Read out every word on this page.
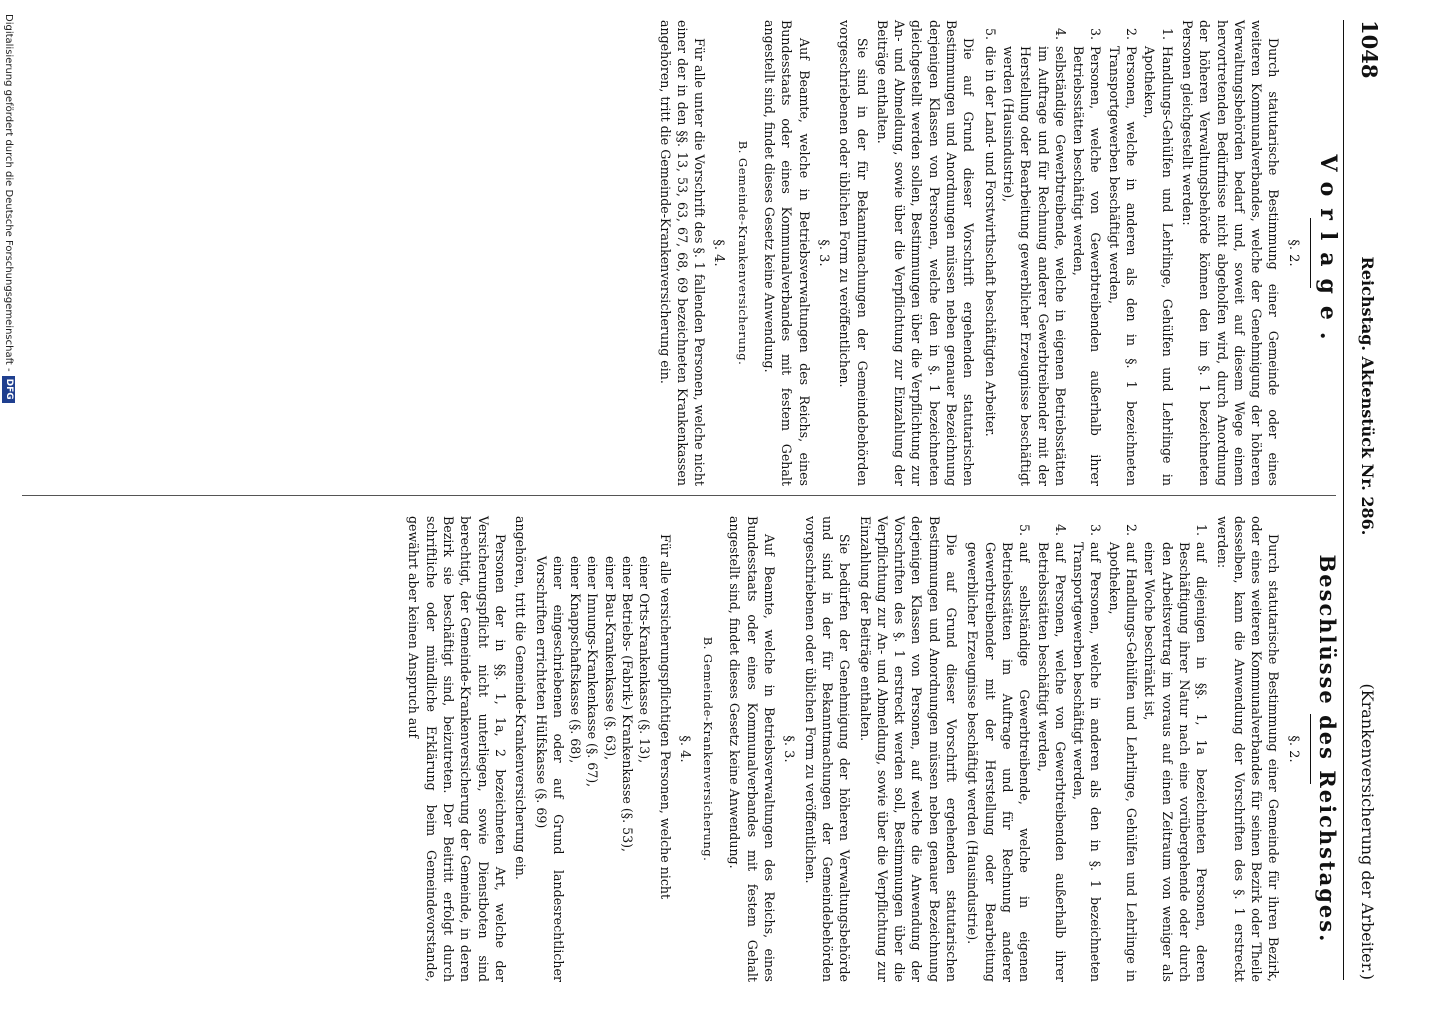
1048
Reichstag. Aktenstück Nr. 286.
(Krankenversicherung der Arbeiter.)
Vorlage.
§. 2.

Durch statutarische Bestimmung einer Gemeinde oder eines weiteren Kommunalverbandes, welche der Genehmigung der höheren Verwaltungsbehörden bedarf und, soweit auf diesem Wege einem hervortretenden Bedürfnisse nicht abgeholfen wird, durch Anordnung der höheren Verwaltungsbehörde können den im §. 1 bezeichneten Personen gleichgestellt werden:

1.
Handlungs-Gehülfen und Lehrlinge, Gehülfen und Lehrlinge in Apotheken,
2.
Personen, welche in anderen als den in §. 1 bezeichneten Transportgewerben beschäftigt werden,
3.
Personen, welche von Gewerbtreibenden außerhalb ihrer Betriebsstätten beschäftigt werden,
4.
selbständige Gewerbtreibende, welche in eigenen Betriebsstätten im Auftrage und für Rechnung anderer Gewerbtreibender mit der Herstellung oder Bearbeitung gewerblicher Erzeugnisse beschäftigt werden (Hausindustrie),
5.
die in der Land- und Forstwirthschaft beschäftigten Arbeiter.

Die auf Grund dieser Vorschrift ergehenden statutarischen Bestimmungen und Anordnungen müssen neben genauer Bezeichnung derjenigen Klassen von Personen, welche den in §. 1 bezeichneten gleichgestellt werden sollen, Bestimmungen über die Verpflichtung zur An- und Abmeldung, sowie über die Verpflichtung zur Einzahlung der Beiträge enthalten.

Sie sind in der für Bekanntmachungen der Gemeindebehörden vorgeschriebenen oder üblichen Form zu veröffentlichen.

§. 3.

Auf Beamte, welche in Betriebsverwaltungen des Reichs, eines Bundesstaats oder eines Kommunalverbandes mit festem Gehalt angestellt sind, findet dieses Gesetz keine Anwendung.

B. Gemeinde-Krankenversicherung.
§. 4.

Für alle unter die Vorschrift des §. 1 fallenden Personen, welche nicht einer der in den §§. 13, 53, 63, 67, 68, 69 bezeichneten Krankenkassen angehören, tritt die Gemeinde-Krankenversicherung ein.

Beschlüsse des Reichstages.
§. 2.

Durch statutarische Bestimmung einer Gemeinde für ihren Bezirk, oder eines weiteren Kommunalverbandes für seinen Bezirk oder Theile desselben, kann die Anwendung der Vorschriften des §. 1 erstreckt werden:

1.
auf diejenigen in §§. 1, 1a bezeichneten Personen, deren Beschäftigung ihrer Natur nach eine vorübergehende oder durch den Arbeitsvertrag im voraus auf einen Zeitraum von weniger als einer Woche beschränkt ist,
2.
auf Handlungs-Gehülfen und Lehrlinge, Gehülfen und Lehrlinge in Apotheken,
3.
auf Personen, welche in anderen als den in §. 1 bezeichneten Transportgewerben beschäftigt werden,
4.
auf Personen, welche von Gewerbtreibenden außerhalb ihrer Betriebsstätten beschäftigt werden,
5.
auf selbständige Gewerbtreibende, welche in eigenen Betriebsstätten im Auftrage und für Rechnung anderer Gewerbtreibender mit der Herstellung oder Bearbeitung gewerblicher Erzeugnisse beschäftigt werden (Hausindustrie).

Die auf Grund dieser Vorschrift ergehenden statutarischen Bestimmungen und Anordnungen müssen neben genauer Bezeichnung derjenigen Klassen von Personen, auf welche die Anwendung der Vorschriften des §. 1 erstreckt werden soll, Bestimmungen über die Verpflichtung zur An- und Abmeldung, sowie über die Verpflichtung zur Einzahlung der Beiträge enthalten.

Sie bedürfen der Genehmigung der höheren Verwaltungsbehörde und sind in der für Bekanntmachungen der Gemeindebehörden vorgeschriebenen oder üblichen Form zu veröffentlichen.

§. 3.

Auf Beamte, welche in Betriebsverwaltungen des Reichs, eines Bundesstaats oder eines Kommunalverbandes mit festem Gehalt angestellt sind, findet dieses Gesetz keine Anwendung.

B. Gemeinde-Krankenversicherung.
§. 4.

Für alle versicherungspflichtigen Personen, welche nicht

einer Orts-Krankenkasse (§. 13),
einer Betriebs- (Fabrik-) Krankenkasse (§. 53),
einer Bau-Krankenkasse (§. 63),
einer Innungs-Krankenkasse (§. 67),
einer Knappschaftskasse (§. 68),
einer eingeschriebenen oder auf Grund landesrechtlicher Vorschriften errichteten Hülfskasse (§. 69)

angehören, tritt die Gemeinde-Krankenversicherung ein.

Personen der in §§. 1, 1a, 2 bezeichneten Art, welche der Versicherungspflicht nicht unterliegen, sowie Dienstboten sind berechtigt, der Gemeinde-Krankenversicherung der Gemeinde, in deren Bezirk sie beschäftigt sind, beizutreten. Der Beitritt erfolgt durch schriftliche oder mündliche Erklärung beim Gemeindevorstande, gewährt aber keinen Anspruch auf

Digitalisierung gefördert durch die Deutsche Forschungsgemeinschaft -
DFG
